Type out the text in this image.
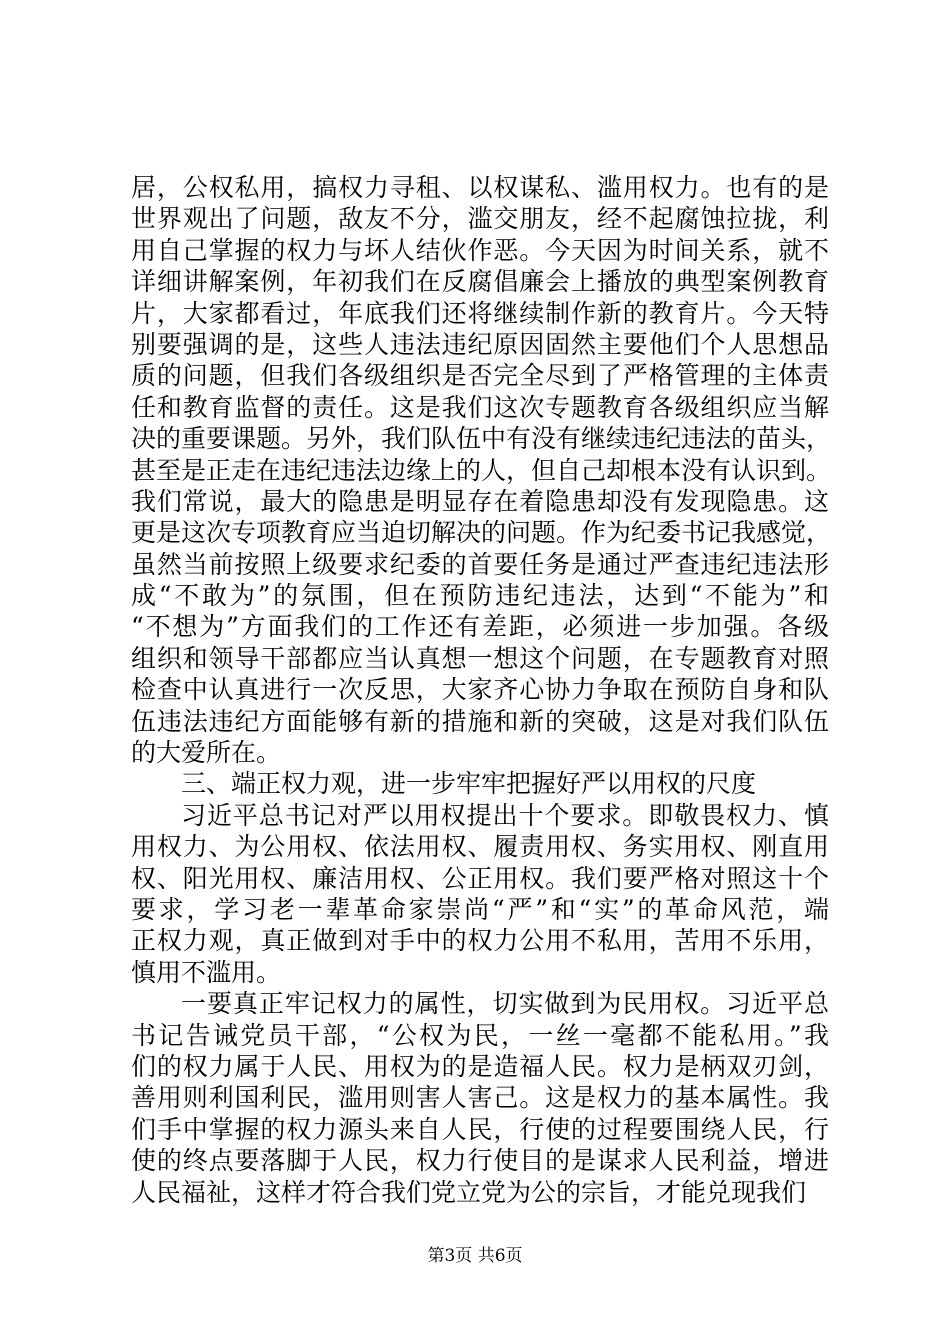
居，公权私用，搞权力寻租、以权谋私、滥用权力。也有的是
世界观出了问题，敌友不分，滥交朋友，经不起腐蚀拉拢，利
用自己掌握的权力与坏人结伙作恶。今天因为时间关系，就不
详细讲解案例，年初我们在反腐倡廉会上播放的典型案例教育
片，大家都看过，年底我们还将继续制作新的教育片。今天特
别要强调的是，这些人违法违纪原因固然主要他们个人思想品
质的问题，但我们各级组织是否完全尽到了严格管理的主体责
任和教育监督的责任。这是我们这次专题教育各级组织应当解
决的重要课题。另外，我们队伍中有没有继续违纪违法的苗头，
甚至是正走在违纪违法边缘上的人，但自己却根本没有认识到。
我们常说，最大的隐患是明显存在着隐患却没有发现隐患。这
更是这次专项教育应当迫切解决的问题。作为纪委书记我感觉，
虽然当前按照上级要求纪委的首要任务是通过严查违纪违法形
成“不敢为”的氛围，但在预防违纪违法，达到“不能为”和
“不想为”方面我们的工作还有差距，必须进一步加强。各级
组织和领导干部都应当认真想一想这个问题，在专题教育对照
检查中认真进行一次反思，大家齐心协力争取在预防自身和队
伍违法违纪方面能够有新的措施和新的突破，这是对我们队伍
的大爱所在。
三、端正权力观，进一步牢牢把握好严以用权的尺度
习近平总书记对严以用权提出十个要求。即敬畏权力、慎
用权力、为公用权、依法用权、履责用权、务实用权、刚直用
权、阳光用权、廉洁用权、公正用权。我们要严格对照这十个
要求，学习老一辈革命家崇尚“严”和“实”的革命风范，端
正权力观，真正做到对手中的权力公用不私用，苦用不乐用，
慎用不滥用。
一要真正牢记权力的属性，切实做到为民用权。习近平总
书记告诫党员干部，“公权为民，一丝一毫都不能私用。”我
们的权力属于人民、用权为的是造福人民。权力是柄双刃剑，
善用则利国利民，滥用则害人害己。这是权力的基本属性。我
们手中掌握的权力源头来自人民，行使的过程要围绕人民，行
使的终点要落脚于人民，权力行使目的是谋求人民利益，增进
人民福祉，这样才符合我们党立党为公的宗旨，才能兑现我们
第3页 共6页
